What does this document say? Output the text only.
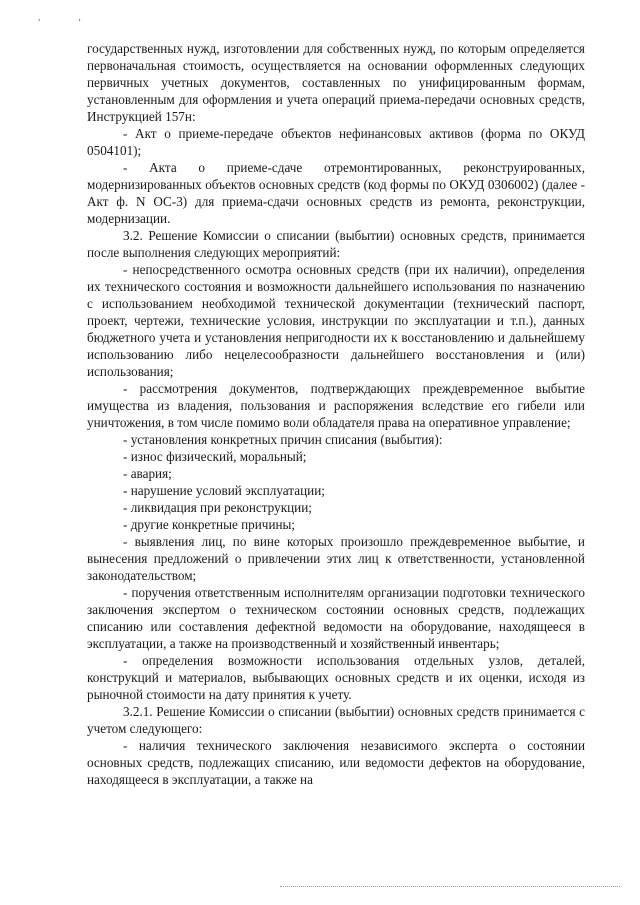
, ,

государственных нужд, изготовлении для собственных нужд, по которым определяется первоначальная стоимость, осуществляется на основании оформленных следующих первичных учетных документов, составленных по унифицированным формам, установленным для оформления и учета операций приема-передачи основных средств, Инструкцией 157н:

- Акт о приеме-передаче объектов нефинансовых активов (форма по ОКУД 0504101);

- Акта о приеме-сдаче отремонтированных, реконструированных, модернизированных объектов основных средств (код формы по ОКУД 0306002) (далее - Акт ф. N ОС-3) для приема-сдачи основных средств из ремонта, реконструкции, модернизации.

3.2. Решение Комиссии о списании (выбытии) основных средств, принимается после выполнения следующих мероприятий:

- непосредственного осмотра основных средств (при их наличии), определения их технического состояния и возможности дальнейшего использования по назначению с использованием необходимой технической документации (технический паспорт, проект, чертежи, технические условия, инструкции по эксплуатации и т.п.), данных бюджетного учета и установления непригодности их к восстановлению и дальнейшему использованию либо нецелесообразности дальнейшего восстановления и (или) использования;

- рассмотрения документов, подтверждающих преждевременное выбытие имущества из владения, пользования и распоряжения вследствие его гибели или уничтожения, в том числе помимо воли обладателя права на оперативное управление;

- установления конкретных причин списания (выбытия):

- износ физический, моральный;

- авария;

- нарушение условий эксплуатации;

- ликвидация при реконструкции;

- другие конкретные причины;

- выявления лиц, по вине которых произошло преждевременное выбытие, и вынесения предложений о привлечении этих лиц к ответственности, установленной законодательством;

- поручения ответственным исполнителям организации подготовки технического заключения экспертом о техническом состоянии основных средств, подлежащих списанию или составления дефектной ведомости на оборудование, находящееся в эксплуатации, а также на производственный и хозяйственный инвентарь;

- определения возможности использования отдельных узлов, деталей, конструкций и материалов, выбывающих основных средств и их оценки, исходя из рыночной стоимости на дату принятия к учету.

3.2.1. Решение Комиссии о списании (выбытии) основных средств принимается с учетом следующего:

- наличия технического заключения независимого эксперта о состоянии основных средств, подлежащих списанию, или ведомости дефектов на оборудование, находящееся в эксплуатации, а также на
